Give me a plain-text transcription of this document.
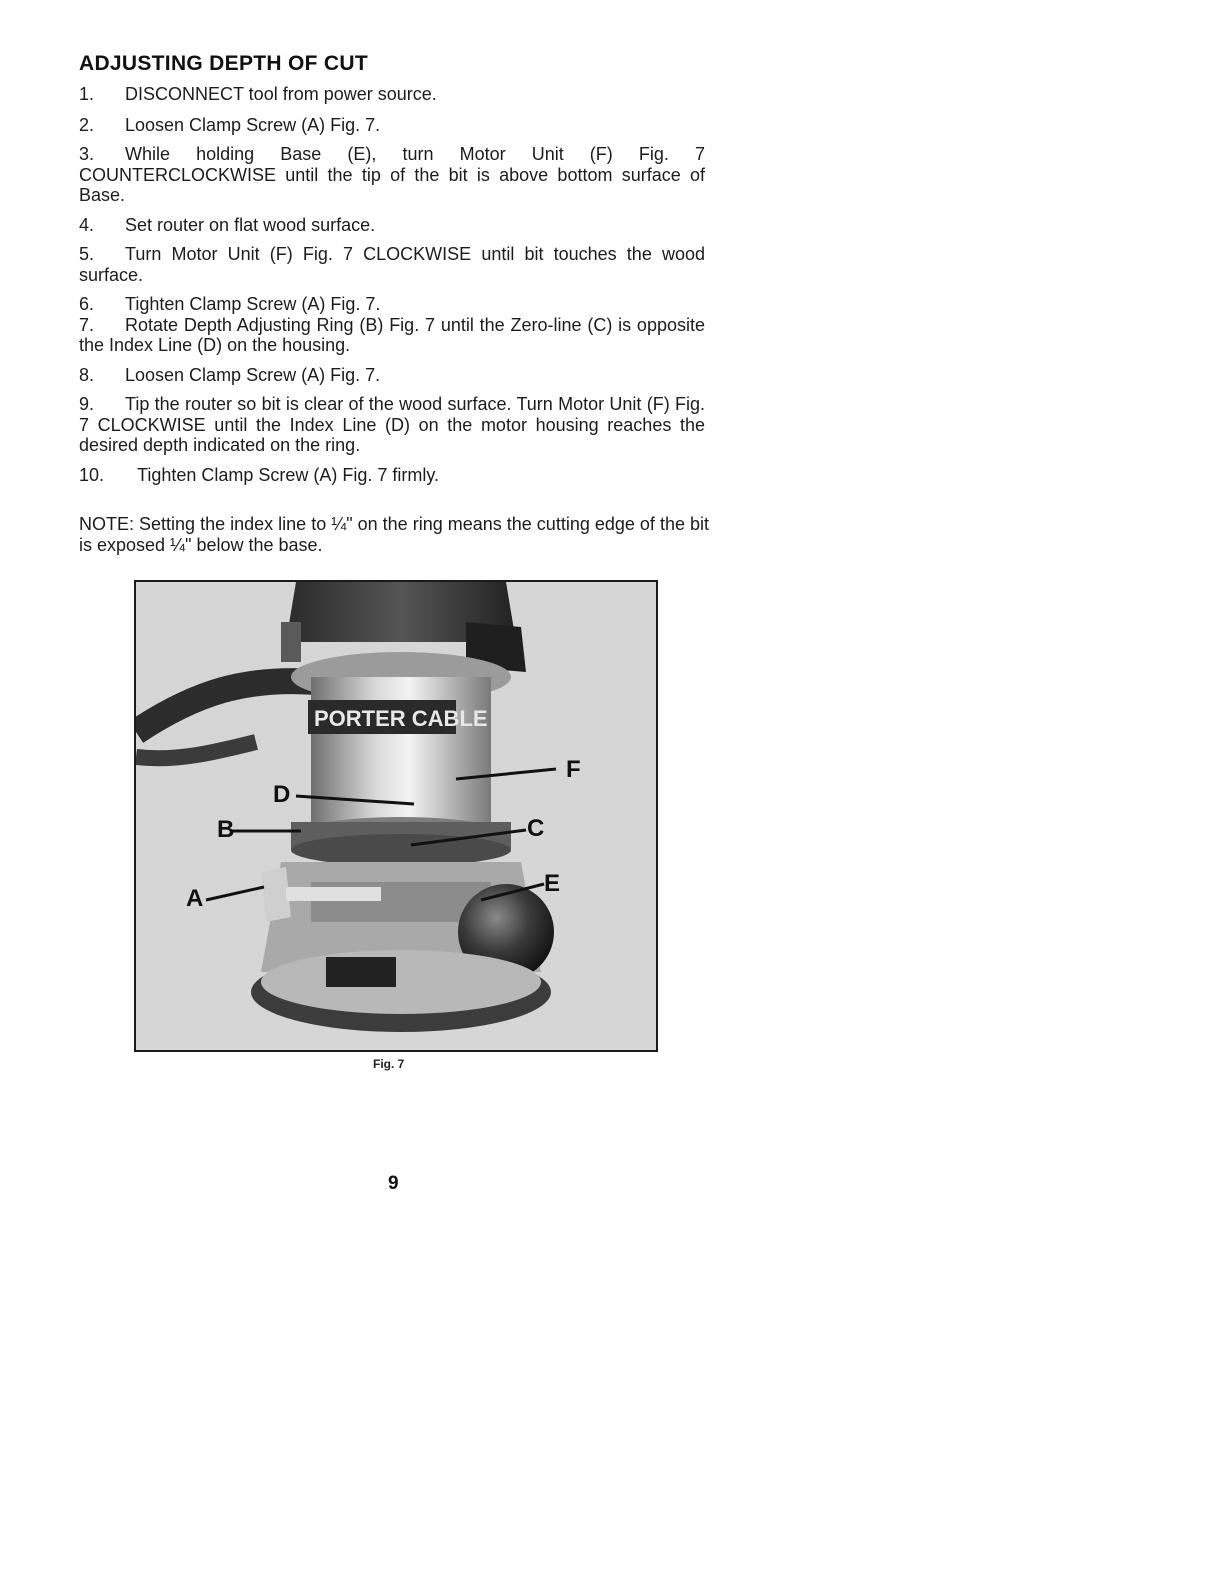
ADJUSTING DEPTH OF CUT
1. DISCONNECT tool from power source.
2. Loosen Clamp Screw (A) Fig. 7.
3. While holding Base (E), turn Motor Unit (F) Fig. 7 COUNTERCLOCKWISE until the tip of the bit is above bottom surface of Base.
4. Set router on flat wood surface.
5. Turn Motor Unit (F) Fig. 7 CLOCKWISE until bit touches the wood surface.
6. Tighten Clamp Screw (A) Fig. 7.
7. Rotate Depth Adjusting Ring (B) Fig. 7 until the Zero-line (C) is opposite the Index Line (D) on the housing.
8. Loosen Clamp Screw (A) Fig. 7.
9. Tip the router so bit is clear of the wood surface. Turn Motor Unit (F) Fig. 7 CLOCKWISE until the Index Line (D) on the motor housing reaches the desired depth indicated on the ring.
10. Tighten Clamp Screw (A) Fig. 7 firmly.
NOTE: Setting the index line to ¼" on the ring means the cutting edge of the bit is exposed ¼" below the base.
PORTER CABLE
F
D
B	C
A
E
Fig. 7
9
